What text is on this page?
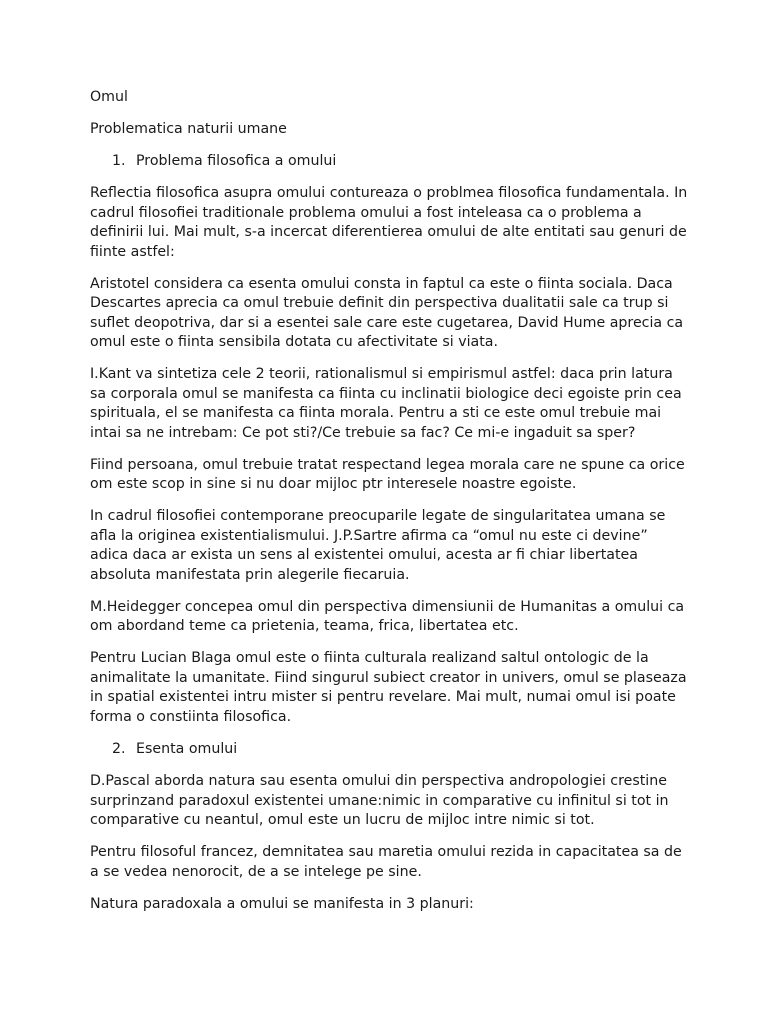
Omul

Problematica naturii umane

1. Problema filosofica a omului

Reflectia filosofica asupra omului contureaza o problmea filosofica fundamentala. In cadrul filosofiei traditionale problema omului a fost inteleasa ca o problema a definirii lui. Mai mult, s-a incercat diferentierea omului de alte entitati sau genuri de fiinte astfel:

Aristotel considera ca esenta omului consta in faptul ca este o fiinta sociala. Daca Descartes aprecia ca omul trebuie definit din perspectiva dualitatii sale ca trup si suflet deopotriva, dar si a esentei sale care este cugetarea, David Hume aprecia ca omul este o fiinta sensibila dotata cu afectivitate si viata.

I.Kant va sintetiza cele 2 teorii, rationalismul si empirismul astfel: daca prin latura sa corporala omul se manifesta ca fiinta cu inclinatii biologice deci egoiste prin cea spirituala, el se manifesta ca fiinta morala. Pentru a sti ce este omul trebuie mai intai sa ne intrebam: Ce pot sti?/Ce trebuie sa fac? Ce mi-e ingaduit sa sper?

Fiind persoana, omul trebuie tratat respectand legea morala care ne spune ca orice om este scop in sine si nu doar mijloc ptr interesele noastre egoiste.

In cadrul filosofiei contemporane preocuparile legate de singularitatea umana se afla la originea existentialismului. J.P.Sartre afirma ca “omul nu este ci devine” adica daca ar exista un sens al existentei omului, acesta ar fi chiar libertatea absoluta manifestata prin alegerile fiecaruia.

M.Heidegger concepea omul din perspectiva dimensiunii de Humanitas a omului ca om abordand teme ca prietenia, teama, frica, libertatea etc.

Pentru Lucian Blaga omul este o fiinta culturala realizand saltul ontologic de la animalitate la umanitate. Fiind singurul subiect creator in univers, omul se plaseaza in spatial existentei intru mister si pentru revelare. Mai mult, numai omul isi poate forma o constiinta filosofica.

2. Esenta omului

D.Pascal aborda natura sau esenta omului din perspectiva andropologiei crestine surprinzand paradoxul existentei umane:nimic in comparative cu infinitul si tot in comparative cu neantul, omul este un lucru de mijloc intre nimic si tot.

Pentru filosoful francez, demnitatea sau maretia omului rezida in capacitatea sa de a se vedea nenorocit, de a se intelege pe sine.

Natura paradoxala a omului se manifesta in 3 planuri:
